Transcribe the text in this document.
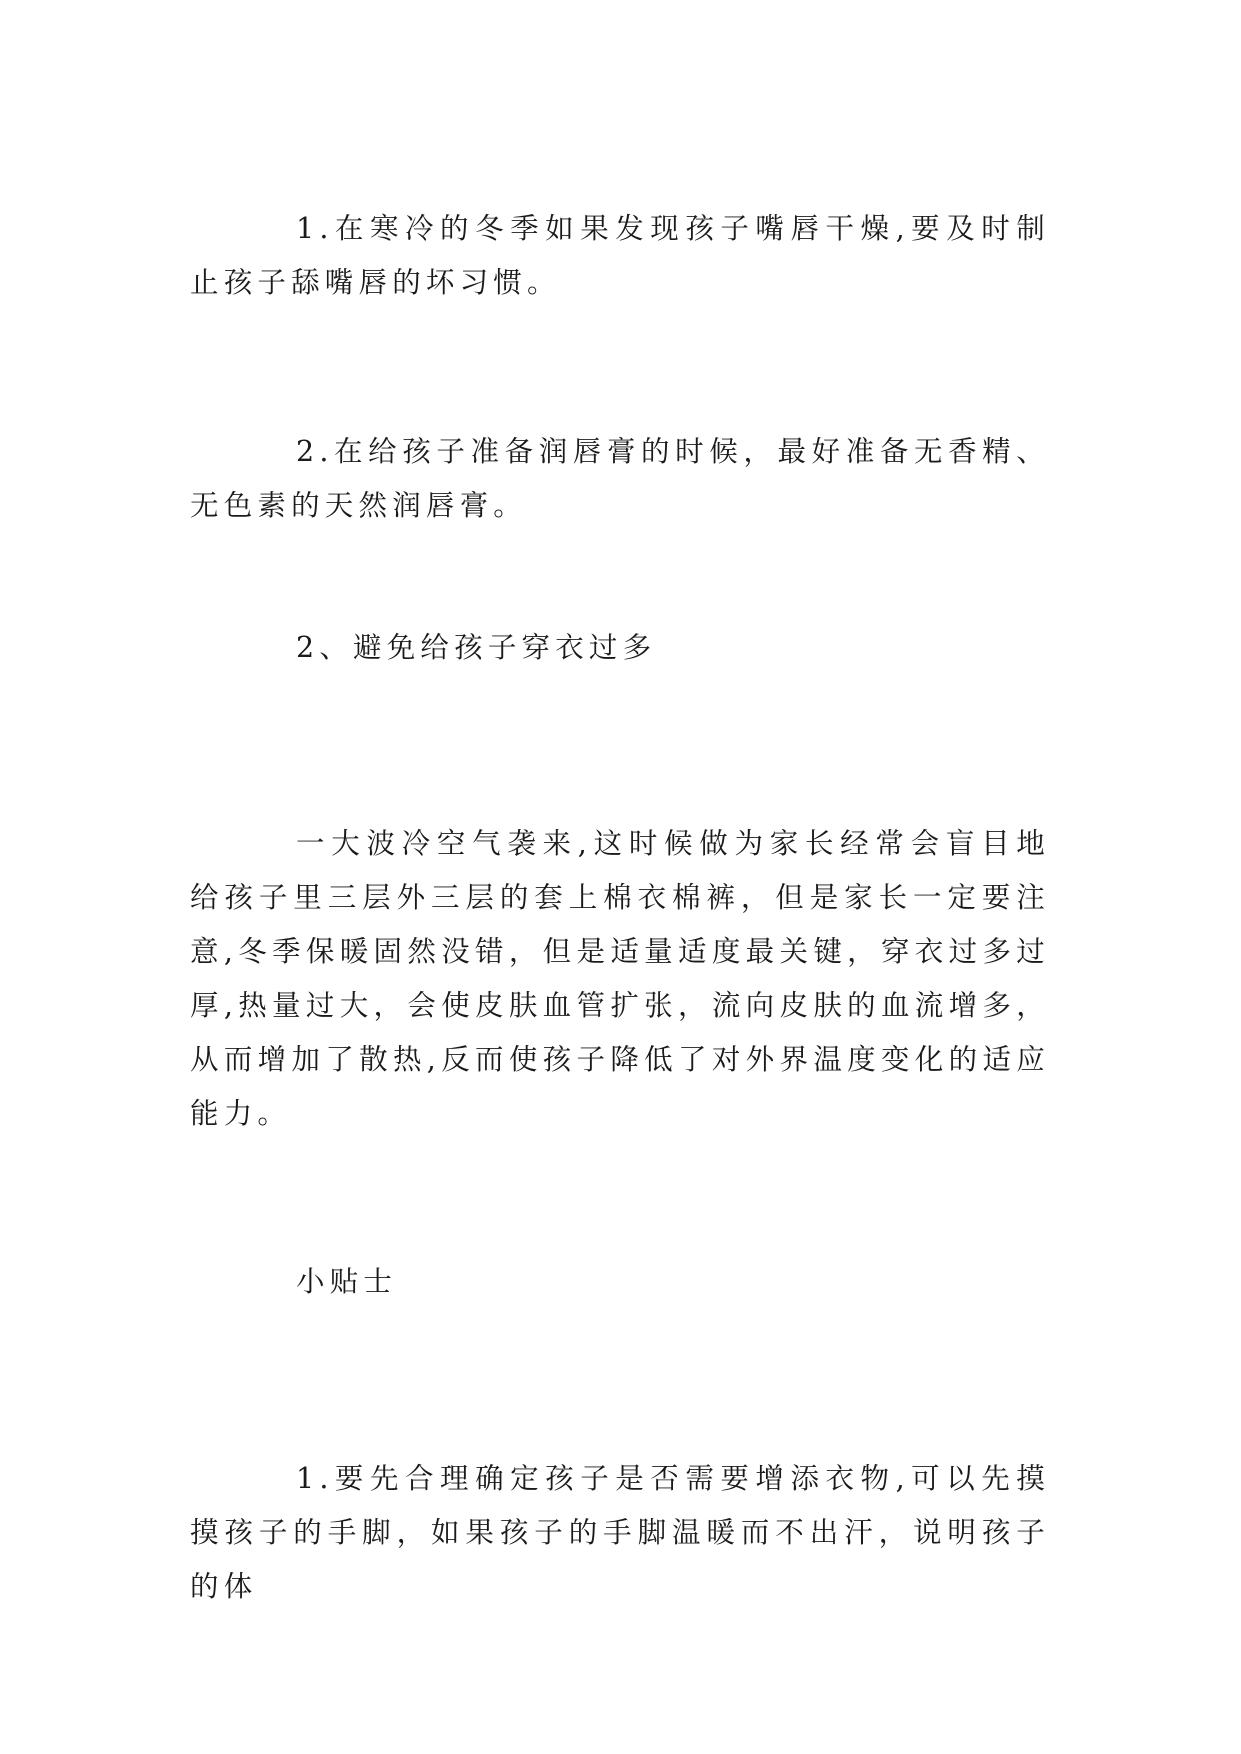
1.在寒冷的冬季如果发现孩子嘴唇干燥,要及时制止孩子舔嘴唇的坏习惯。

2.在给孩子准备润唇膏的时候，最好准备无香精、无色素的天然润唇膏。

2、避免给孩子穿衣过多

一大波冷空气袭来,这时候做为家长经常会盲目地给孩子里三层外三层的套上棉衣棉裤，但是家长一定要注意,冬季保暖固然没错，但是适量适度最关键，穿衣过多过厚,热量过大，会使皮肤血管扩张，流向皮肤的血流增多，从而增加了散热,反而使孩子降低了对外界温度变化的适应能力。

小贴士

1.要先合理确定孩子是否需要增添衣物,可以先摸摸孩子的手脚，如果孩子的手脚温暖而不出汗，说明孩子的体
